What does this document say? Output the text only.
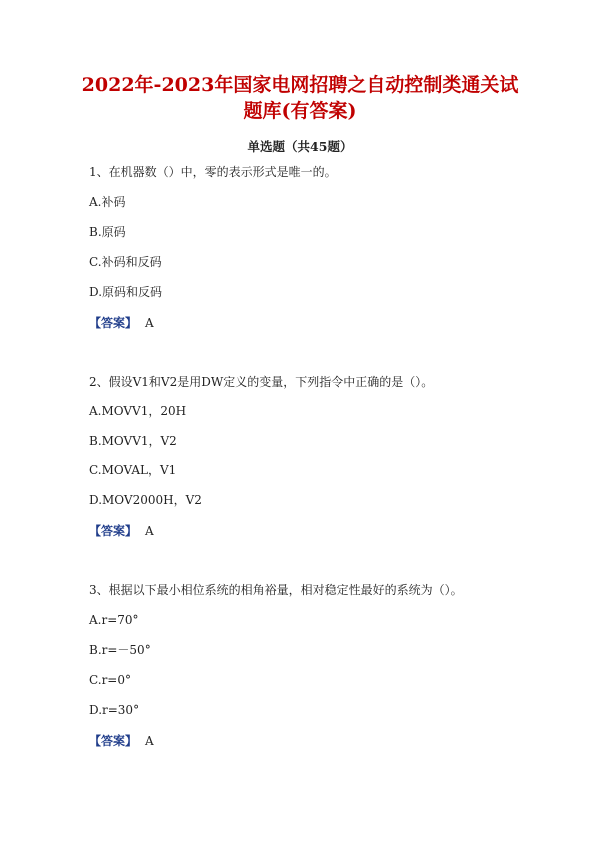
2022年-2023年国家电网招聘之自动控制类通关试
题库(有答案)
单选题（共45题）
1、在机器数（）中，零的表示形式是唯一的。
A.补码
B.原码
C.补码和反码
D.原码和反码
【答案】 A
2、假设V1和V2是用DW定义的变量，下列指令中正确的是（）。
A.MOVV1，20H
B.MOVV1，V2
C.MOVAL，V1
D.MOV2000H，V2
【答案】 A
3、根据以下最小相位系统的相角裕量，相对稳定性最好的系统为（）。
A.r=70°
B.r=－50°
C.r=0°
D.r=30°
【答案】 A
